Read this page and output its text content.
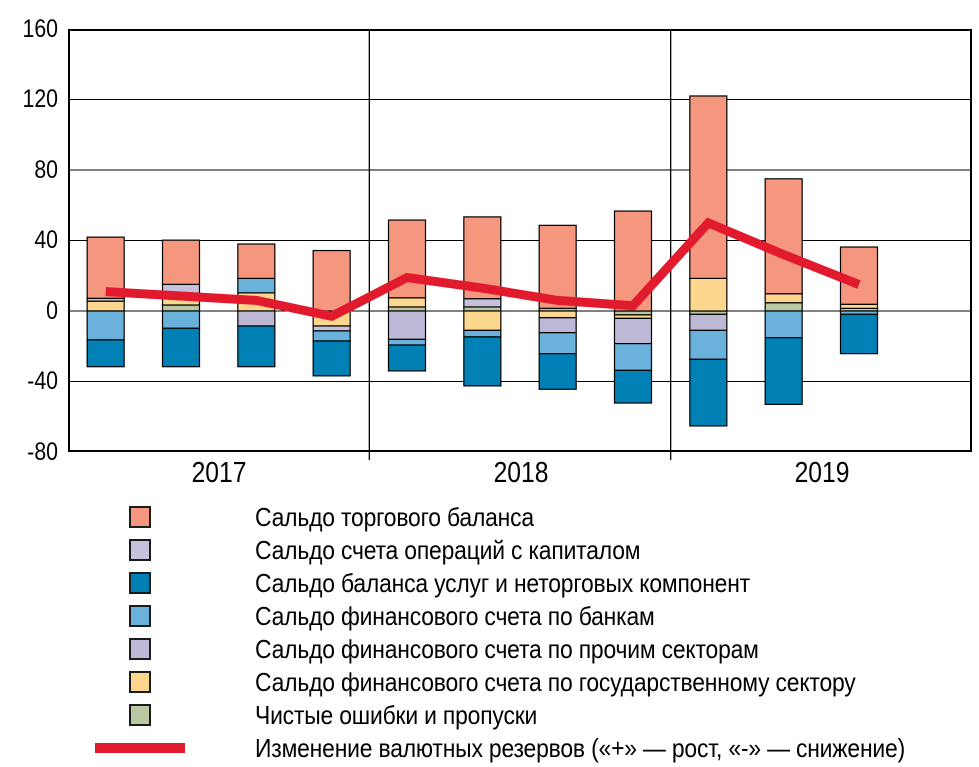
160
120
80
40
0
-40
-80
2017	2018	2019
Сальдо торгового баланса
Сальдо счета операций с капиталом
Сальдо баланса услуг и неторговых компонент
Сальдо финансового счета по банкам
Сальдо финансового счета по прочим секторам
Сальдо финансового счета по государственному сектору
Чистые ошибки и пропуски
Изменение валютных резервов («+» — рост, «-» — снижение)
